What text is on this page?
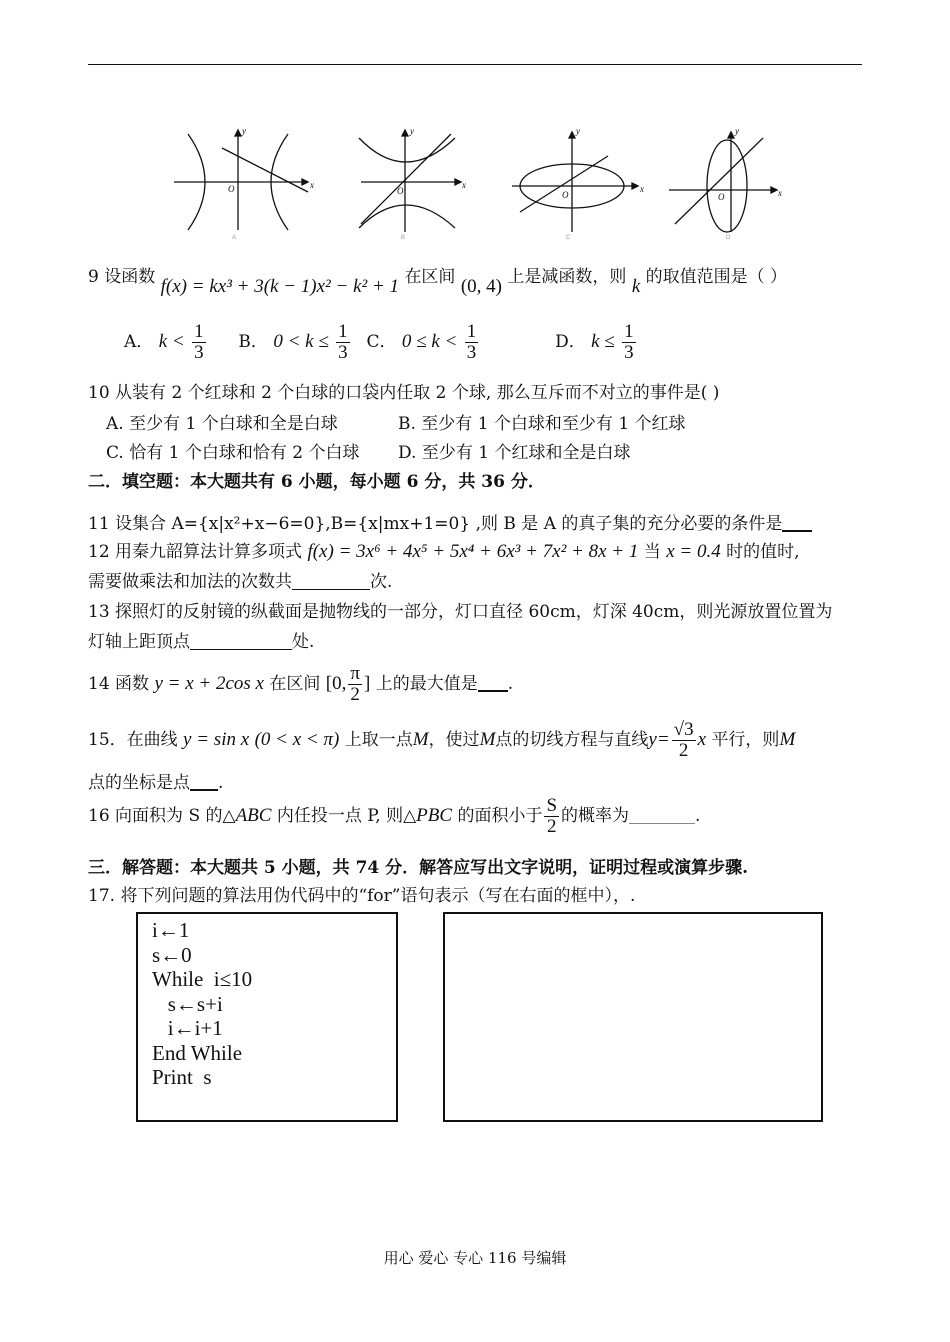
y
x
O
y
x
O
y
x
O
y
x
O
A	B	C	D
9 设函数 f(x) = kx³ + 3(k − 1)x² − k² + 1 在区间 (0, 4) 上是减函数，则 k 的取值范围是（ ）
A． $k < \frac{1}{3}$ B． $0 < k \le \frac{1}{3}$ C． $0 \le k < \frac{1}{3}$	D． $k \le \frac{1}{3}$
10 从装有 2 个红球和 2 个白球的口袋内任取 2 个球, 那么互斥而不对立的事件是( )
A. 至少有 1 个白球和全是白球	B. 至少有 1 个白球和至少有 1 个红球
C. 恰有 1 个白球和恰有 2 个白球 D. 至少有 1 个红球和全是白球
二．填空题：本大题共有 6 小题，每小题 6 分，共 36 分．
11 设集合 A={x|x²+x−6=0},B={x|mx+1=0} ,则 B 是 A 的真子集的充分必要的条件是
12 用秦九韶算法计算多项式 f(x) = 3x⁶ + 4x⁵ + 5x⁴ + 6x³ + 7x² + 8x + 1 当 x = 0.4 时的值时,
需要做乘法和加法的次数共	次.
13 探照灯的反射镜的纵截面是抛物线的一部分，灯口直径 60cm，灯深 40cm，则光源放置位置为
灯轴上距顶点	处.
14 函数 y = x + 2cos x 在区间 [0, $\frac{\pi}{2}$ ] 上的最大值是 .
15．在曲线 y = sin x (0 < x < π) 上取一点M，使过M点的切线方程与直线$y= \frac{√3}{2}$ x 平行，则M
点的坐标是点 .
16 向面积为 S 的△ABC 内任投一点 P, 则△PBC 的面积小于 $\frac{S}{2}$ 的概率为	.
三．解答题：本大题共 5 小题，共 74 分．解答应写出文字说明，证明过程或演算步骤.
17. 将下列问题的算法用伪代码中的“for”语句表示（写在右面的框中），.
i←1
s←0
While  i≤10
s←s+i
i←i+1
End While
Print  s
用心 爱心 专心 116 号编辑
